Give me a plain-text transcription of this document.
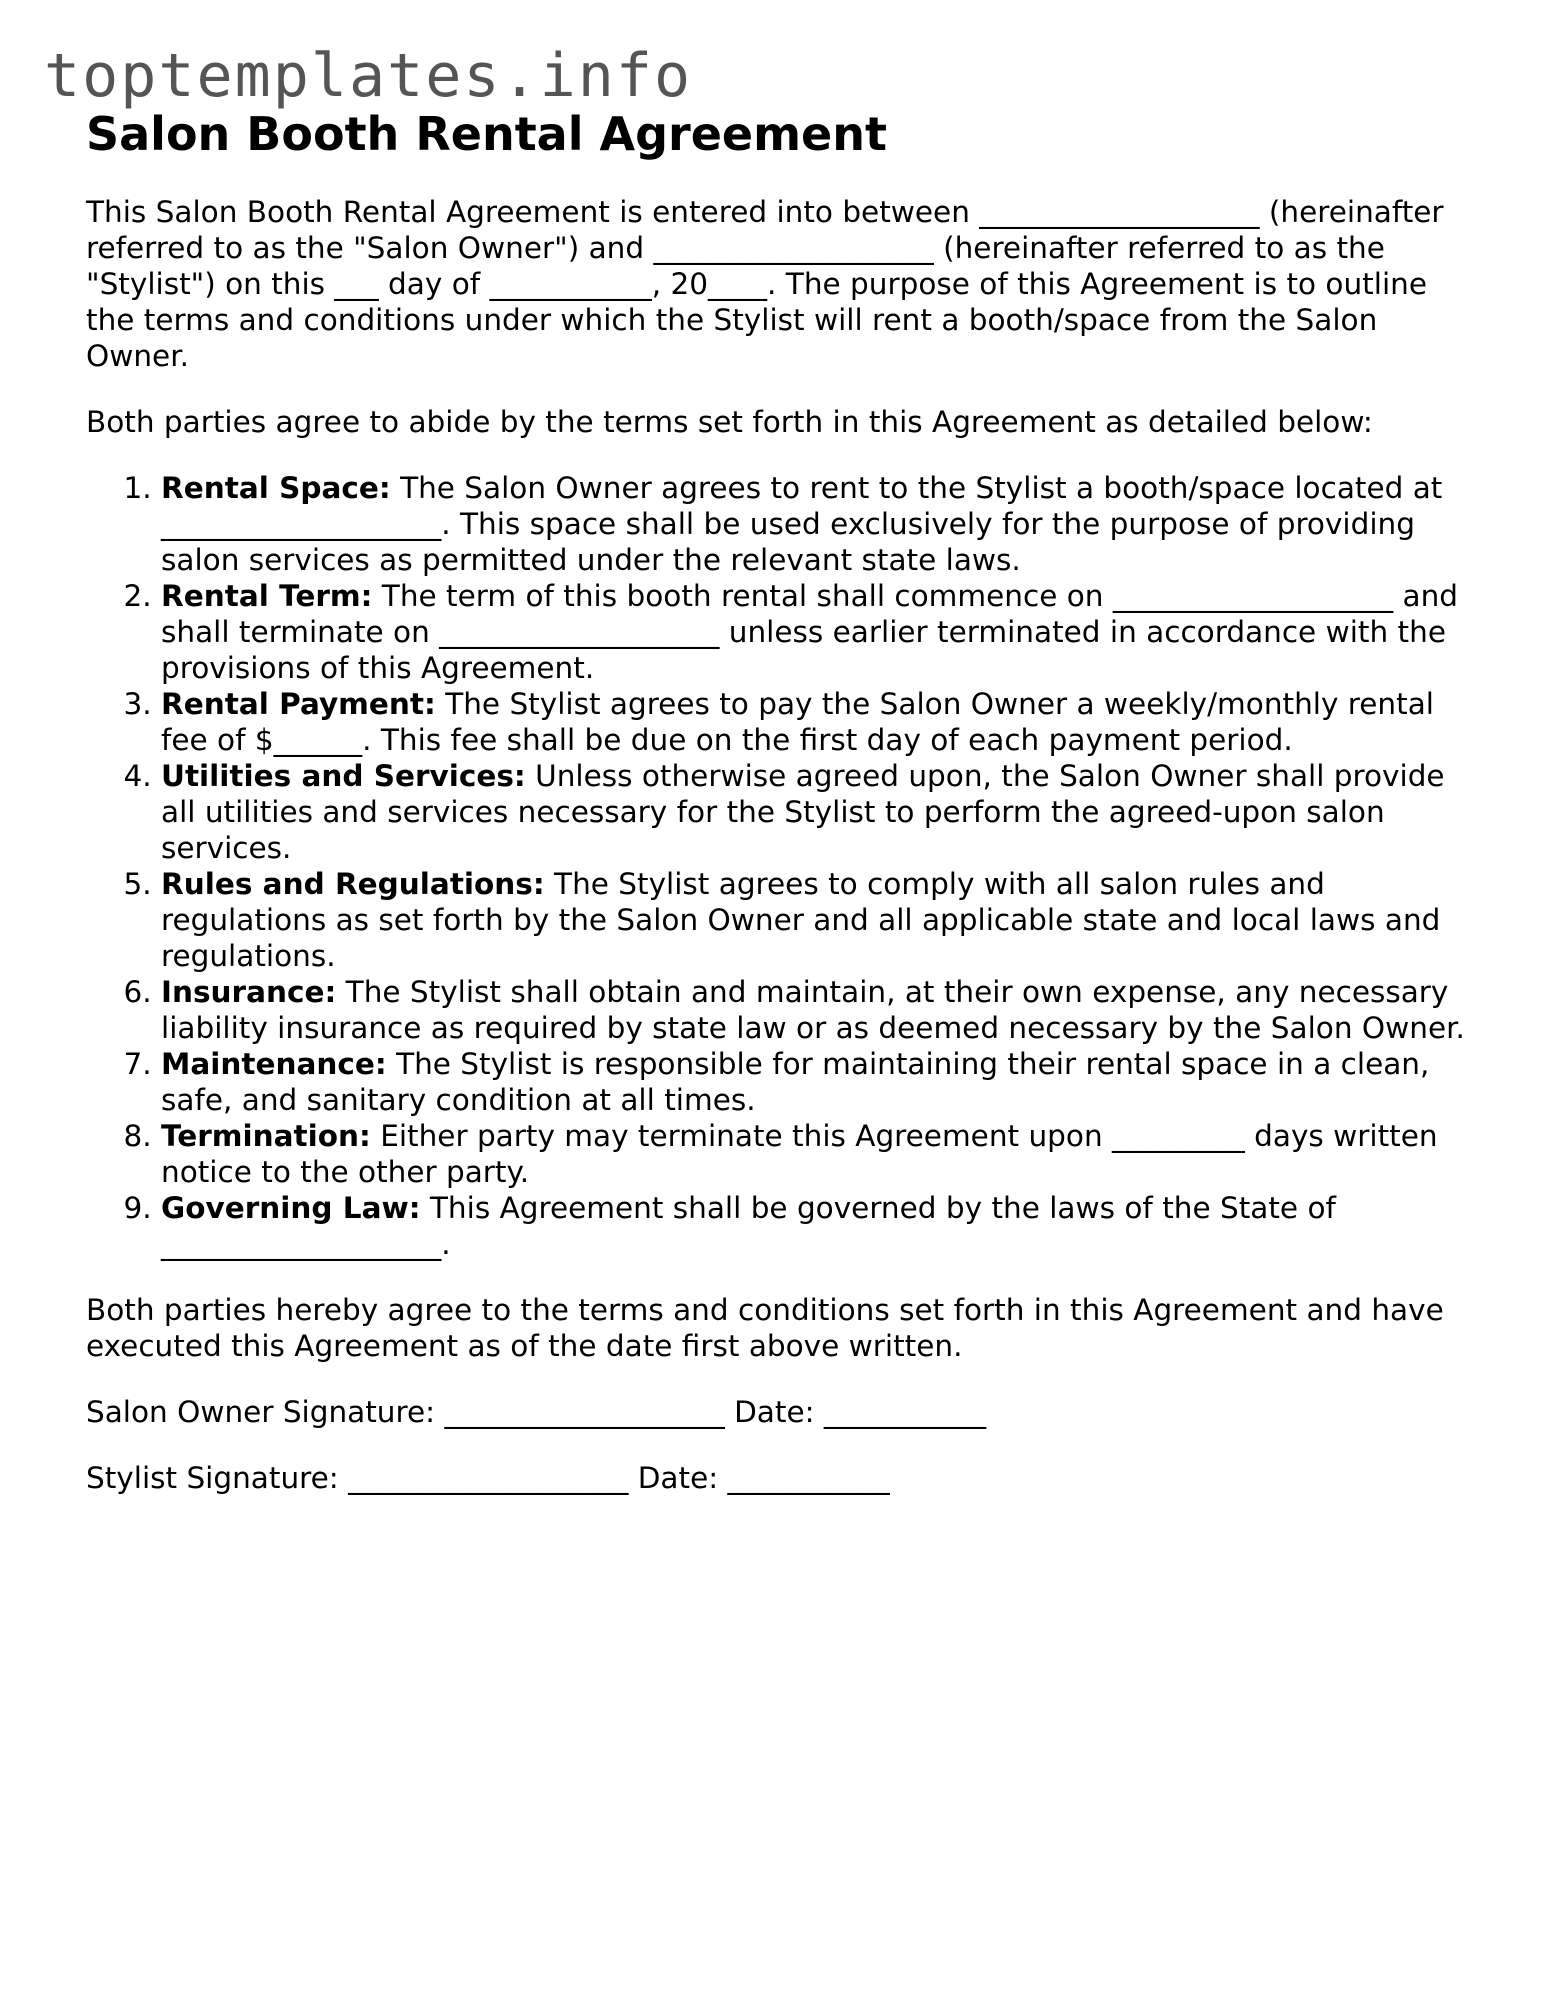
toptemplates.info
Salon Booth Rental Agreement

This Salon Booth Rental Agreement is entered into between ___________________ (hereinafter referred to as the "Salon Owner") and ___________________ (hereinafter referred to as the "Stylist") on this ___ day of ___________, 20____. The purpose of this Agreement is to outline the terms and conditions under which the Stylist will rent a booth/space from the Salon Owner.

Both parties agree to abide by the terms set forth in this Agreement as detailed below:

1. Rental Space: The Salon Owner agrees to rent to the Stylist a booth/space located at ___________________. This space shall be used exclusively for the purpose of providing salon services as permitted under the relevant state laws.
2. Rental Term: The term of this booth rental shall commence on ___________________ and shall terminate on ___________________ unless earlier terminated in accordance with the provisions of this Agreement.
3. Rental Payment: The Stylist agrees to pay the Salon Owner a weekly/monthly rental fee of $______. This fee shall be due on the first day of each payment period.
4. Utilities and Services: Unless otherwise agreed upon, the Salon Owner shall provide all utilities and services necessary for the Stylist to perform the agreed-upon salon services.
5. Rules and Regulations: The Stylist agrees to comply with all salon rules and regulations as set forth by the Salon Owner and all applicable state and local laws and regulations.
6. Insurance: The Stylist shall obtain and maintain, at their own expense, any necessary liability insurance as required by state law or as deemed necessary by the Salon Owner.
7. Maintenance: The Stylist is responsible for maintaining their rental space in a clean, safe, and sanitary condition at all times.
8. Termination: Either party may terminate this Agreement upon _________ days written notice to the other party.
9. Governing Law: This Agreement shall be governed by the laws of the State of ___________________.

Both parties hereby agree to the terms and conditions set forth in this Agreement and have executed this Agreement as of the date first above written.

Salon Owner Signature: ___________________ Date: ___________

Stylist Signature: ___________________ Date: ___________
